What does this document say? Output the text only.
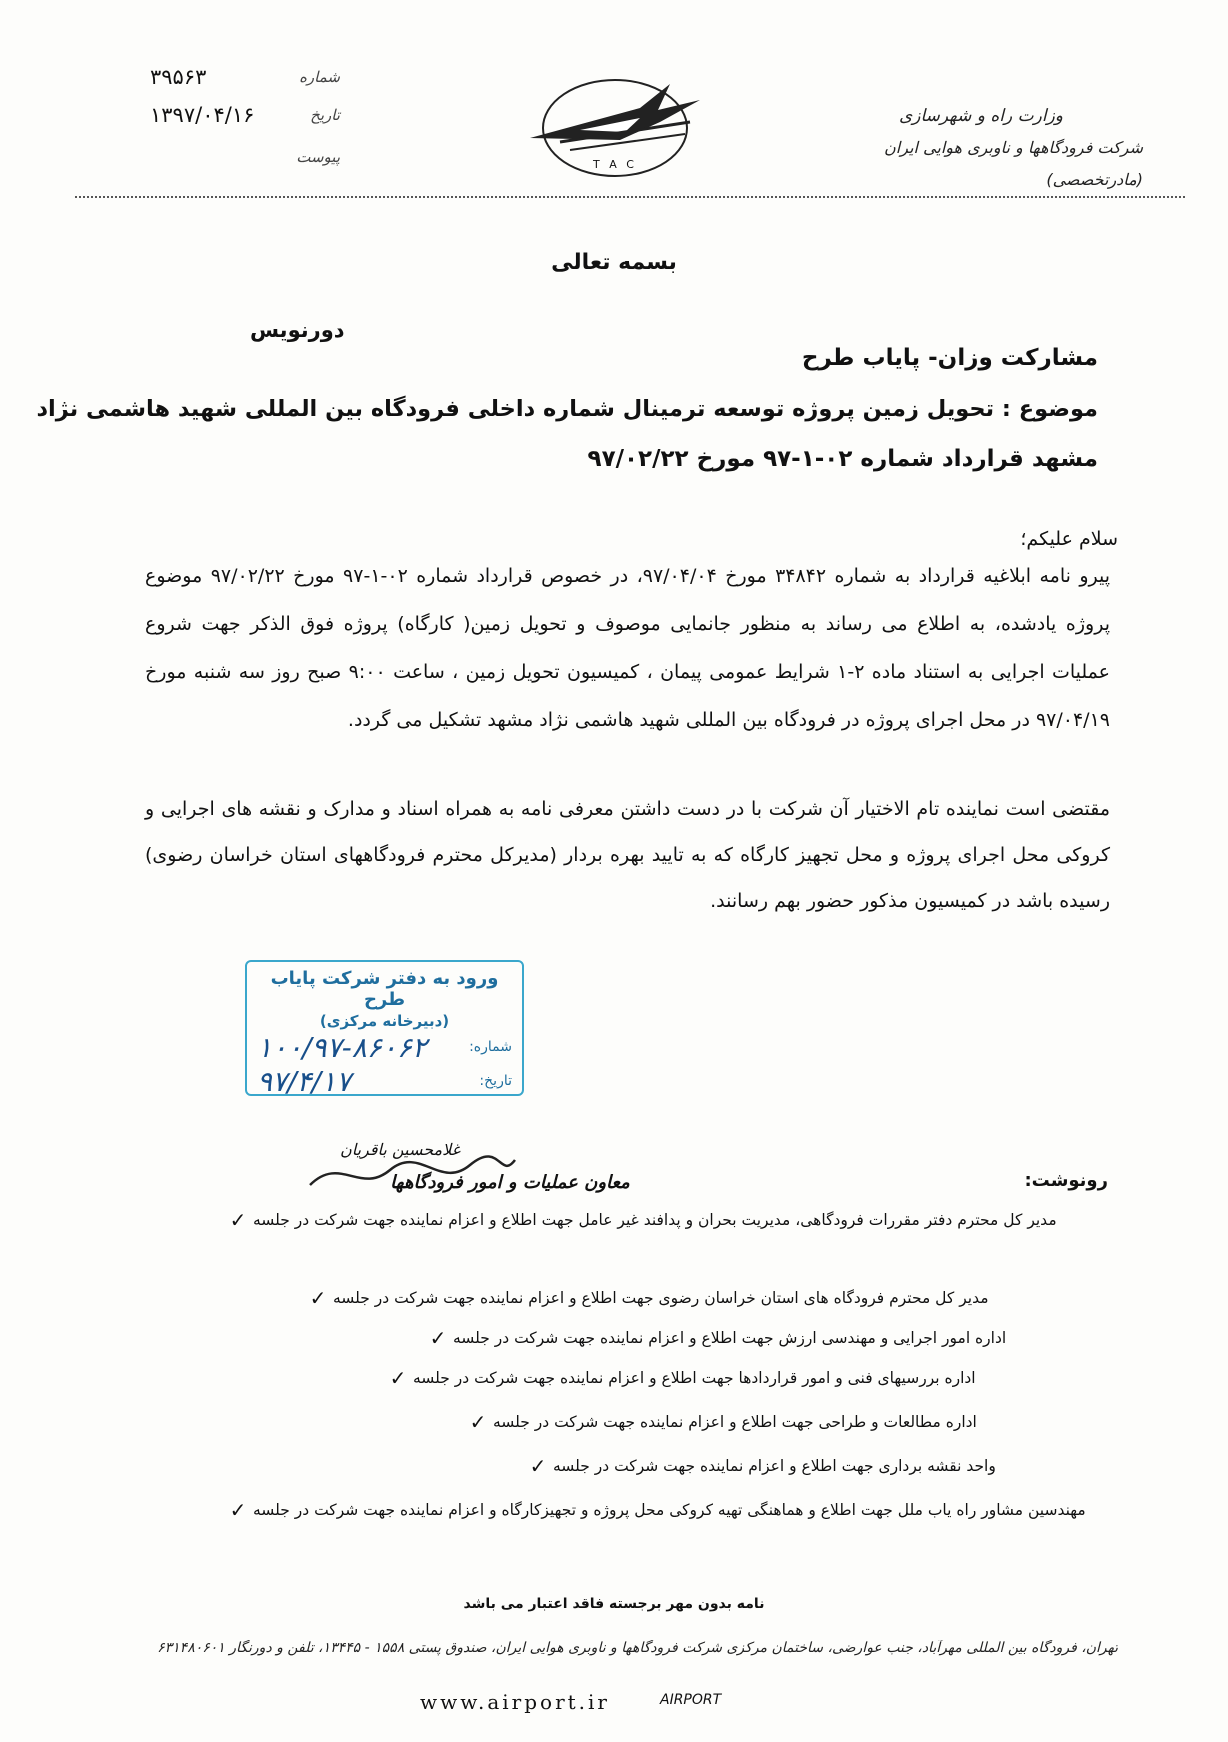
۳۹۵۶۳	شماره
۱۳۹۷/۰۴/۱۶	تاریخ
پیوست	T A C
وزارت راه و شهرسازی
شرکت فرودگاهها و ناوبری هوایی ایران (مادرتخصصی)
بسمه تعالی
دورنویس
مشارکت وزان- پایاب طرح
موضوع : تحویل زمین پروژه توسعه ترمینال شماره داخلی فرودگاه بین المللی شهید هاشمی نژاد
مشهد قرارداد شماره ۰۲-۱-۹۷ مورخ ۹۷/۰۲/۲۲
سلام علیکم؛
پیرو نامه ابلاغیه قرارداد به شماره ۳۴۸۴۲ مورخ ۹۷/۰۴/۰۴، در خصوص قرارداد شماره ۰۲-۱-۹۷ مورخ ۹۷/۰۲/۲۲ موضوع پروژه یادشده، به اطلاع می رساند به منظور جانمایی موصوف و تحویل زمین( کارگاه) پروژه فوق الذکر جهت شروع عملیات اجرایی به استناد ماده ۲-۱ شرایط عمومی پیمان ، کمیسیون تحویل زمین ، ساعت ۹:۰۰ صبح روز سه شنبه مورخ ۹۷/۰۴/۱۹ در محل اجرای پروژه در فرودگاه بین المللی شهید هاشمی نژاد مشهد تشکیل می گردد.
مقتضی است نماینده تام الاختیار آن شرکت با در دست داشتن معرفی نامه به همراه اسناد و مدارک و نقشه های اجرایی و کروکی محل اجرای پروژه و محل تجهیز کارگاه که به تایید بهره بردار (مدیرکل محترم فرودگاههای استان خراسان رضوی) رسیده باشد در کمیسیون مذکور حضور بهم رسانند.
ورود به دفتر شرکت پایاب طرح
(دبیرخانه مرکزی)
شماره:
۱۰۰/۹۷-۸۶۰۶۲
تاریخ:
۹۷/۴/۱۷
غلامحسین باقریان
معاون عملیات و امور فرودگاهها	رونوشت:
✓ مدیر کل محترم دفتر مقررات فرودگاهی، مدیریت بحران و پدافند غیر عامل جهت اطلاع و اعزام نماینده جهت شرکت در جلسه
✓ مدیر کل محترم فرودگاه های استان خراسان رضوی جهت اطلاع و اعزام نماینده جهت شرکت در جلسه
✓ اداره امور اجرایی و مهندسی ارزش جهت اطلاع و اعزام نماینده جهت شرکت در جلسه
✓ اداره بررسیهای فنی و امور قراردادها جهت اطلاع و اعزام نماینده جهت شرکت در جلسه
✓ اداره مطالعات و طراحی جهت اطلاع و اعزام نماینده جهت شرکت در جلسه
✓ واحد نقشه برداری جهت اطلاع و اعزام نماینده جهت شرکت در جلسه
✓ مهندسین مشاور راه یاب ملل جهت اطلاع و هماهنگی تهیه کروکی محل پروژه و تجهیزکارگاه و اعزام نماینده جهت شرکت در جلسه
نامه بدون مهر برجسته فاقد اعتبار می باشد
تهران، فرودگاه بین المللی مهرآباد، جنب عوارضی، ساختمان مرکزی شرکت فرودگاهها و ناوبری هوایی ایران، صندوق پستی ۱۵۵۸ - ۱۳۴۴۵، تلفن و دورنگار ۶۳۱۴۸۰۶۰۱
www.airport.ir	AIRPORT
